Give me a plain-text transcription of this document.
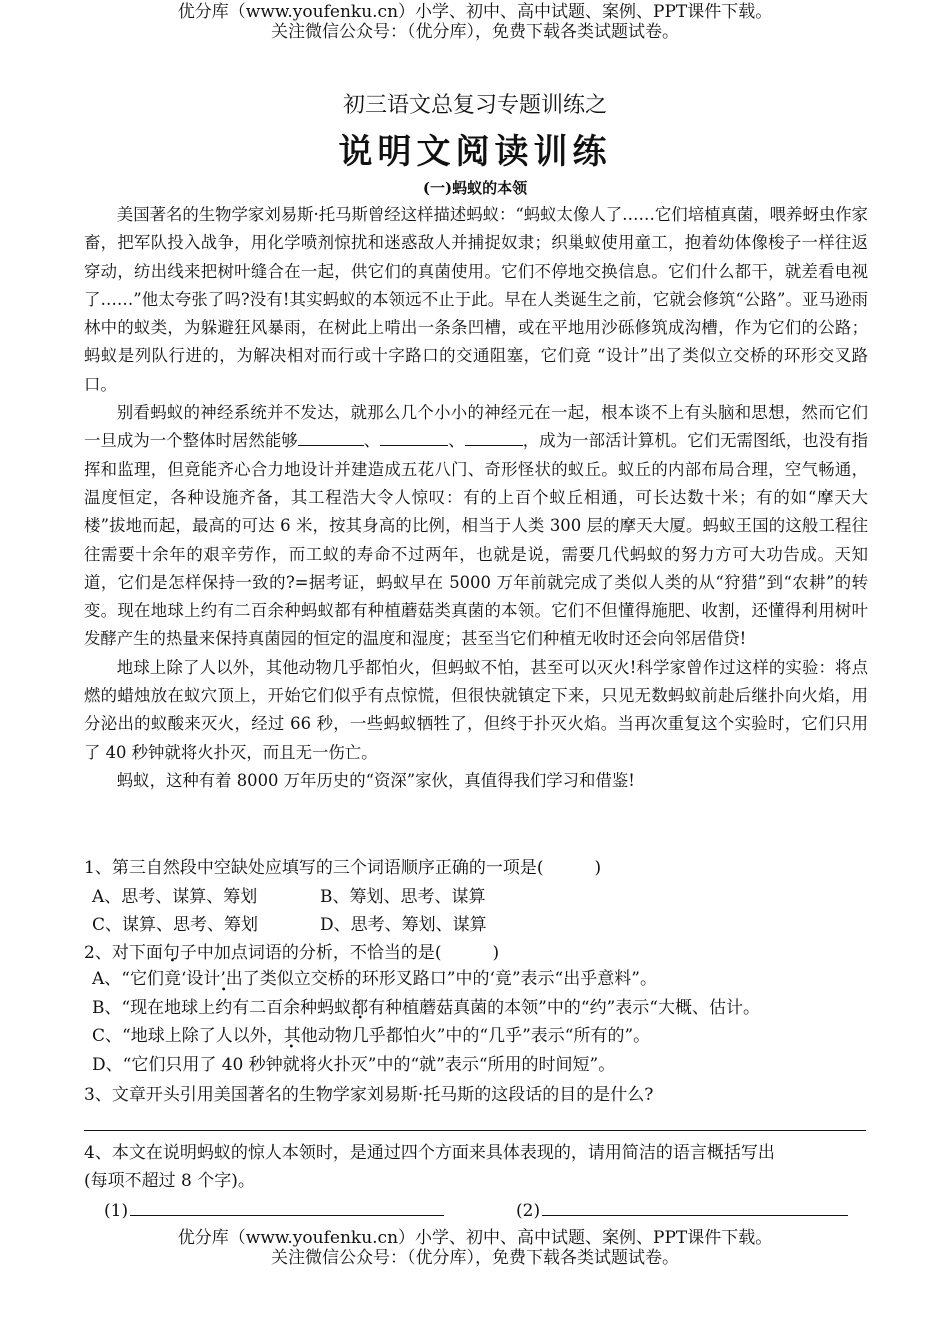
优分库（www.youfenku.cn）小学、初中、高中试题、案例、PPT课件下载。
关注微信公众号：（优分库），免费下载各类试题试卷。
初三语文总复习专题训练之
说明文阅读训练
(一)蚂蚁的本领

美国著名的生物学家刘易斯·托马斯曾经这样描述蚂蚁：“蚂蚁太像人了……它们培植真菌，喂养蚜虫作家畜，把军队投入战争，用化学喷剂惊扰和迷惑敌人并捕捉奴隶；织巢蚁使用童工，抱着幼体像梭子一样往返穿动，纺出线来把树叶缝合在一起，供它们的真菌使用。它们不停地交换信息。它们什么都干，就差看电视了……”他太夸张了吗?没有!其实蚂蚁的本领远不止于此。早在人类诞生之前，它就会修筑“公路”。亚马逊雨林中的蚁类，为躲避狂风暴雨，在树此上啃出一条条凹槽，或在平地用沙砾修筑成沟槽，作为它们的公路；蚂蚁是列队行进的，为解决相对而行或十字路口的交通阻塞，它们竟 “设计”出了类似立交桥的环形交叉路口。

别看蚂蚁的神经系统并不发达，就那么几个小小的神经元在一起，根本谈不上有头脑和思想，然而它们一旦成为一个整体时居然能够	、	、	，成为一部活计算机。它们无需图纸，也没有指挥和监理，但竟能齐心合力地设计并建造成五花八门、奇形怪状的蚁丘。蚁丘的内部布局合理，空气畅通，温度恒定，各种设施齐备，其工程浩大令人惊叹：有的上百个蚁丘相通，可长达数十米；有的如“摩天大楼”拔地而起，最高的可达 6 米，按其身高的比例，相当于人类 300 层的摩天大厦。蚂蚁王国的这般工程往往需要十余年的艰辛劳作，而工蚁的寿命不过两年，也就是说，需要几代蚂蚁的努力方可大功告成。天知道，它们是怎样保持一致的?=据考证，蚂蚁早在 5000 万年前就完成了类似人类的从“狩猎”到“农耕”的转变。现在地球上约有二百余种蚂蚁都有种植蘑菇类真菌的本领。它们不但懂得施肥、收割，还懂得利用树叶发酵产生的热量来保持真菌园的恒定的温度和湿度；甚至当它们种植无收时还会向邻居借贷!

地球上除了人以外，其他动物几乎都怕火，但蚂蚁不怕，甚至可以灭火!科学家曾作过这样的实验：将点燃的蜡烛放在蚁穴顶上，开始它们似乎有点惊慌，但很快就镇定下来，只见无数蚂蚁前赴后继扑向火焰，用分泌出的蚁酸来灭火，经过 66 秒，一些蚂蚁牺牲了，但终于扑灭火焰。当再次重复这个实验时，它们只用了 40 秒钟就将火扑灭，而且无一伤亡。

蚂蚁，这种有着 8000 万年历史的“资深”家伙，真值得我们学习和借鉴!

1、第三自然段中空缺处应填写的三个词语顺序正确的一项是(　　　)
A、思考、谋算、筹划	B、筹划、思考、谋算
C、谋算、思考、筹划	D、思考、筹划、谋算
2、对下面句子中加点词语的分析，不恰当的是(　　　)
A、“它们竟‘设计’出了类似立交桥的环形叉路口”中的‘竟”表示“出乎意料”。
B、“现在地球上约有二百余种蚂蚁都有种植蘑菇真菌的本领”中的“约”表示“大概、估计。
C、“地球上除了人以外，其他动物几乎都怕火”中的“几乎”表示“所有的”。
D、“它们只用了 40 秒钟就将火扑灭”中的“就”表示“所用的时间短”。
3、文章开头引用美国著名的生物学家刘易斯·托马斯的这段话的目的是什么?
4、本文在说明蚂蚁的惊人本领时，是通过四个方面来具体表现的，请用简洁的语言概括写出
(每项不超过 8 个字)。
(1)	(2)
优分库（www.youfenku.cn）小学、初中、高中试题、案例、PPT课件下载。
关注微信公众号：（优分库），免费下载各类试题试卷。
